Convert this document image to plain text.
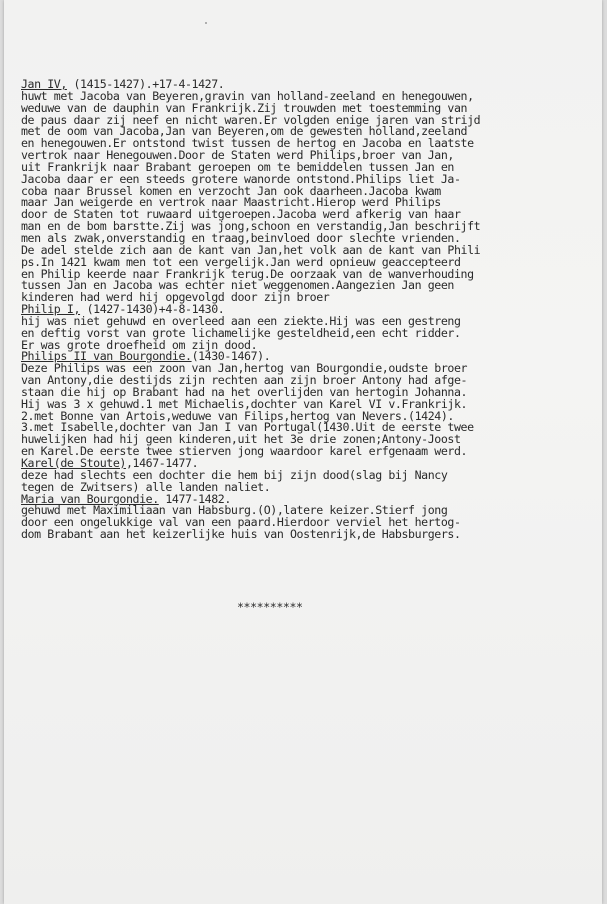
Jan IV, (1415-1427).+17-4-1427.
huwt met Jacoba van Beyeren,gravin van holland-zeeland en henegouwen,
weduwe van de dauphin van Frankrijk.Zij trouwden met toestemming van
de paus daar zij neef en nicht waren.Er volgden enige jaren van strijd
met de oom van Jacoba,Jan van Beyeren,om de gewesten holland,zeeland
en henegouwen.Er ontstond twist tussen de hertog en Jacoba en laatste
vertrok naar Henegouwen.Door de Staten werd Philips,broer van Jan,
uit Frankrijk naar Brabant geroepen om te bemiddelen tussen Jan en
Jacoba daar er een steeds grotere wanorde ontstond.Philips liet Ja-
coba naar Brussel komen en verzocht Jan ook daarheen.Jacoba kwam
maar Jan weigerde en vertrok naar Maastricht.Hierop werd Philips
door de Staten tot ruwaard uitgeroepen.Jacoba werd afkerig van haar
man en de bom barstte.Zij was jong,schoon en verstandig,Jan beschrijft
men als zwak,onverstandig en traag,beinvloed door slechte vrienden.
De adel stelde zich aan de kant van Jan,het volk aan de kant van Phili
ps.In 1421 kwam men tot een vergelijk.Jan werd opnieuw geaccepteerd
en Philip keerde naar Frankrijk terug.De oorzaak van de wanverhouding
tussen Jan en Jacoba was echter niet weggenomen.Aangezien Jan geen
kinderen had werd hij opgevolgd door zijn broer
Philip I, (1427-1430)+4-8-1430.
hij was niet gehuwd en overleed aan een ziekte.Hij was een gestreng
en deftig vorst van grote lichamelijke gesteldheid,een echt ridder.
Er was grote droefheid om zijn dood.
Philips II van Bourgondie.(1430-1467).
Deze Philips was een zoon van Jan,hertog van Bourgondie,oudste broer
van Antony,die destijds zijn rechten aan zijn broer Antony had afge-
staan die hij op Brabant had na het overlijden van hertogin Johanna.
Hij was 3 x gehuwd.1 met Michaelis,dochter van Karel VI v.Frankrijk.
2.met Bonne van Artois,weduwe van Filips,hertog van Nevers.(1424).
3.met Isabelle,dochter van Jan I van Portugal(1430.Uit de eerste twee
huwelijken had hij geen kinderen,uit het 3e drie zonen;Antony-Joost
en Karel.De eerste twee stierven jong waardoor karel erfgenaam werd.
Karel(de Stoute),1467-1477.
deze had slechts een dochter die hem bij zijn dood(slag bij Nancy
tegen de Zwitsers) alle landen naliet.
Maria van Bourgondie. 1477-1482.
gehuwd met Maximiliaan van Habsburg.(O),latere keizer.Stierf jong
door een ongelukkige val van een paard.Hierdoor verviel het hertog-
dom Brabant aan het keizerlijke huis van Oostenrijk,de Habsburgers.
**********
